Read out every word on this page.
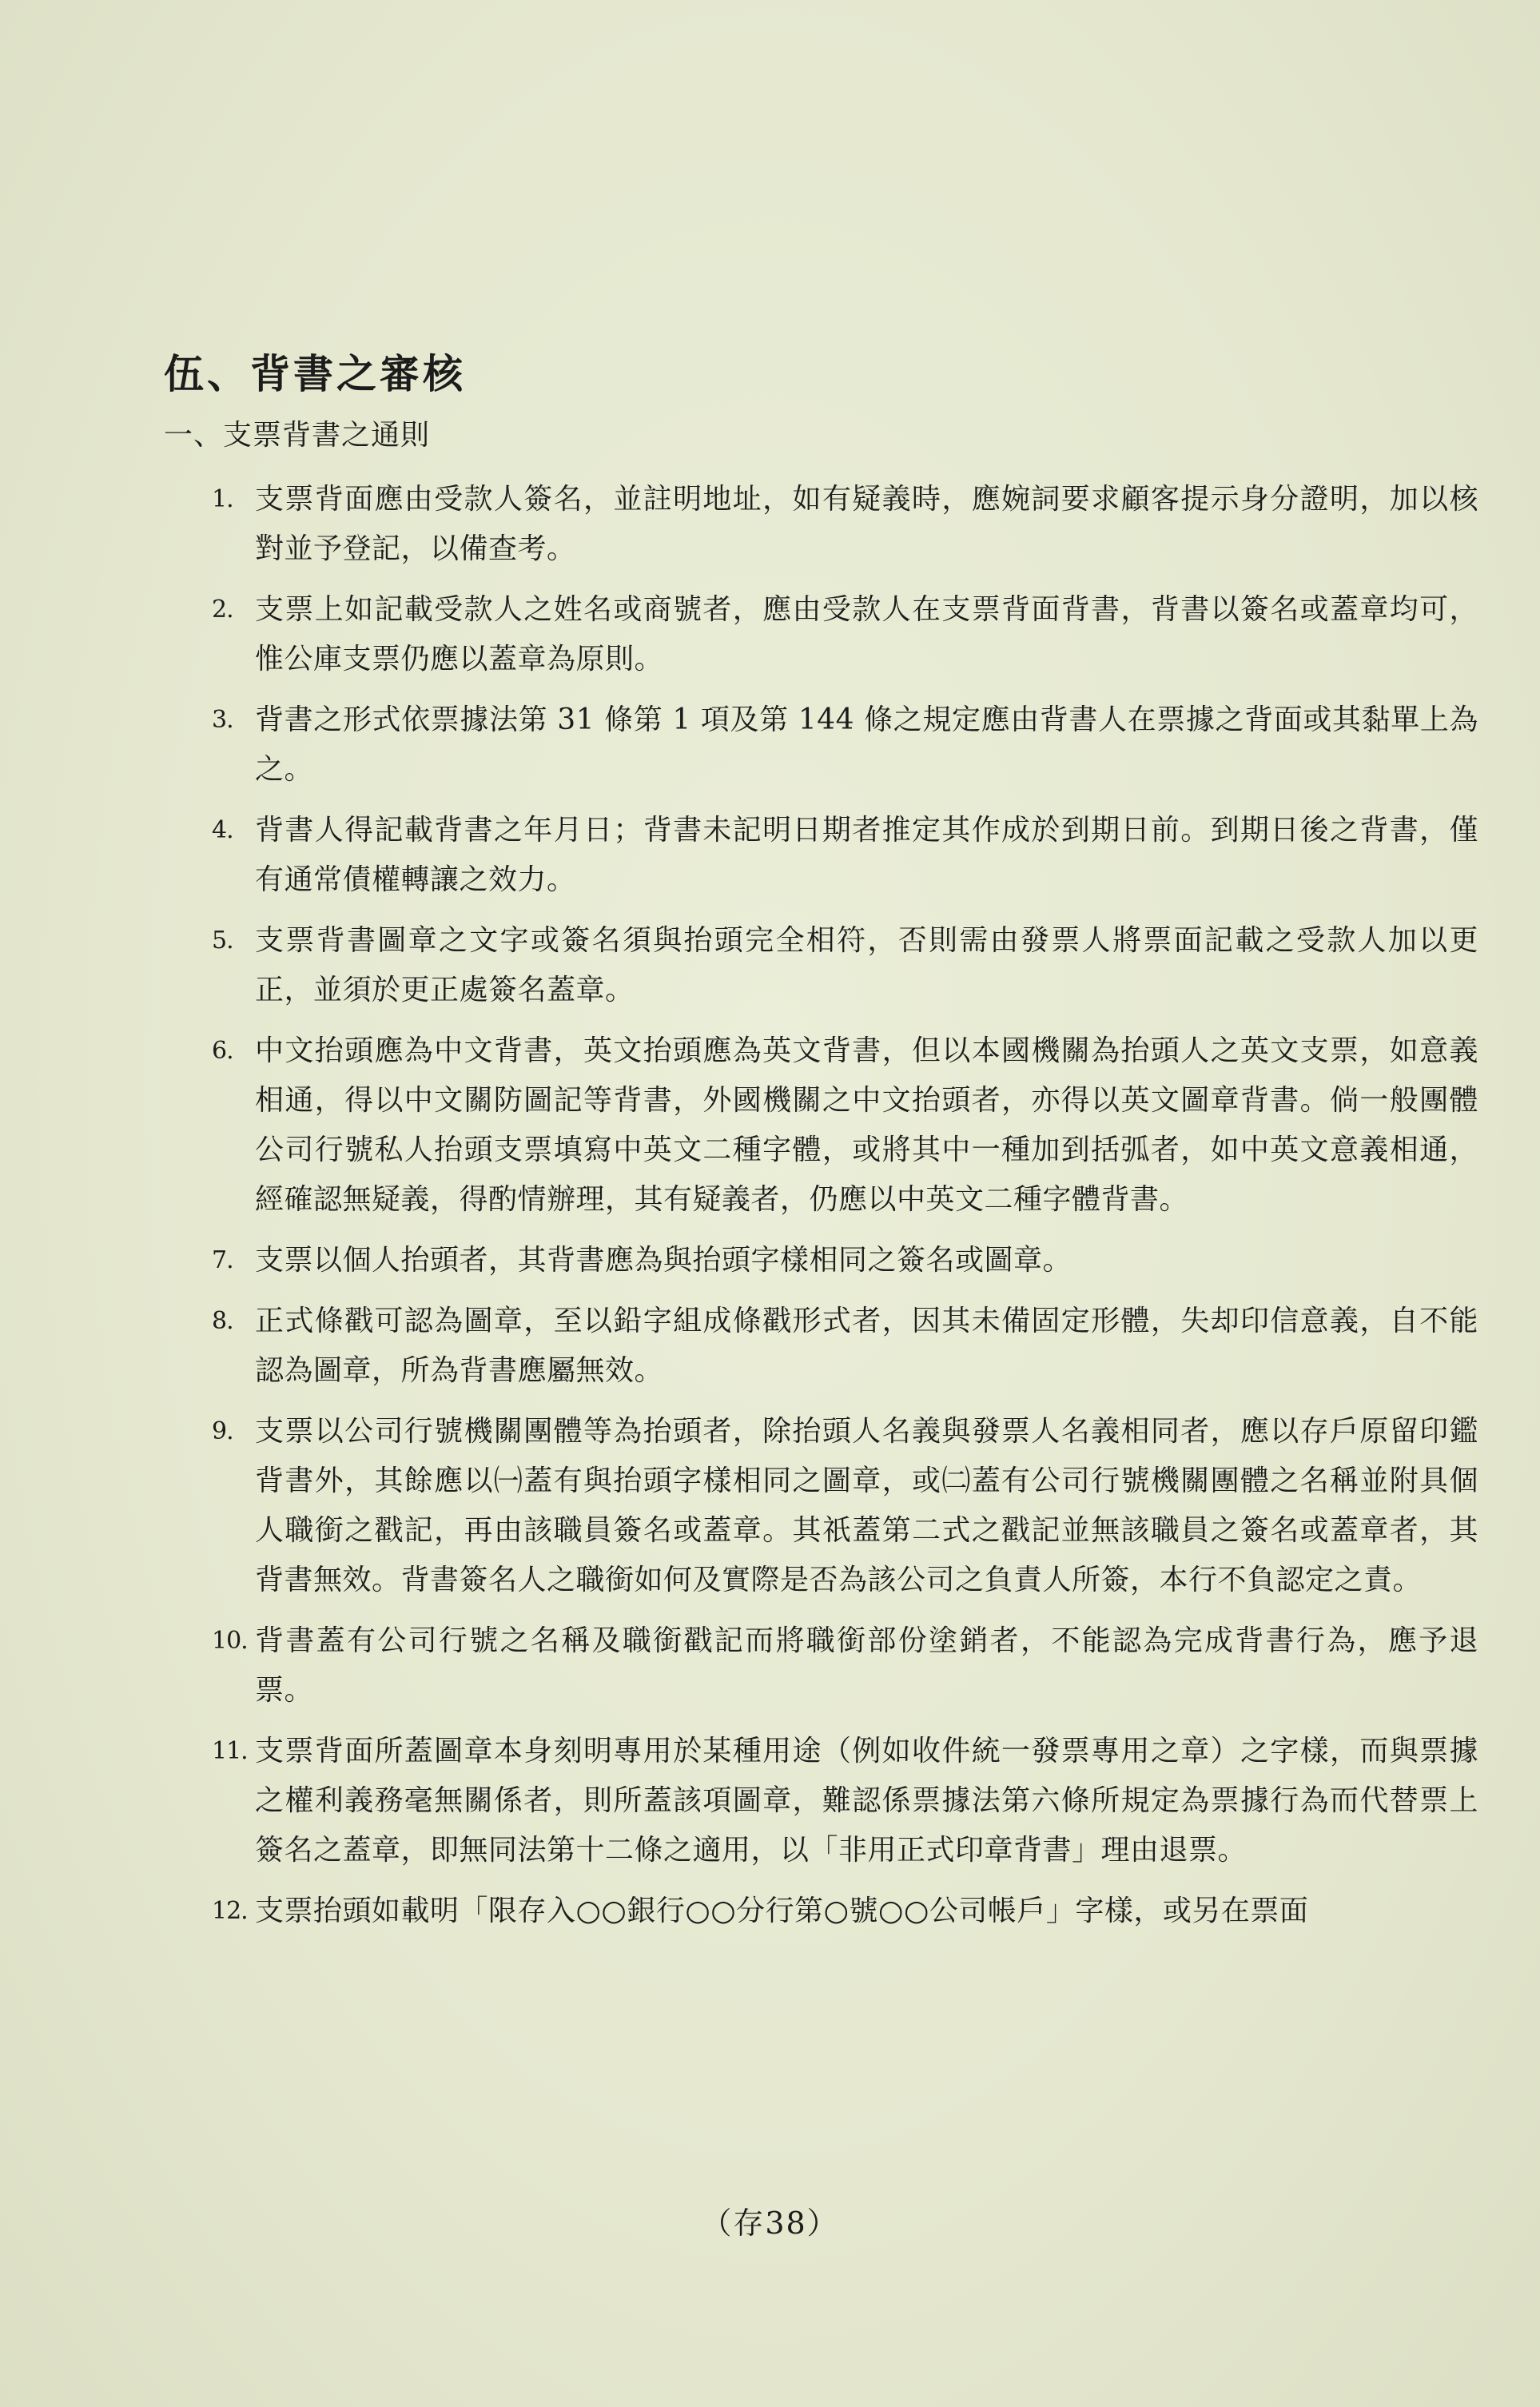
伍、背書之審核
一、支票背書之通則
1. 支票背面應由受款人簽名，並註明地址，如有疑義時，應婉詞要求顧客提示身分證明，加以核對並予登記，以備查考。
2. 支票上如記載受款人之姓名或商號者，應由受款人在支票背面背書，背書以簽名或蓋章均可，惟公庫支票仍應以蓋章為原則。
3. 背書之形式依票據法第 31 條第 1 項及第 144 條之規定應由背書人在票據之背面或其黏單上為之。
4. 背書人得記載背書之年月日；背書未記明日期者推定其作成於到期日前。到期日後之背書，僅有通常債權轉讓之效力。
5. 支票背書圖章之文字或簽名須與抬頭完全相符，否則需由發票人將票面記載之受款人加以更正，並須於更正處簽名蓋章。
6. 中文抬頭應為中文背書，英文抬頭應為英文背書，但以本國機關為抬頭人之英文支票，如意義相通，得以中文關防圖記等背書，外國機關之中文抬頭者，亦得以英文圖章背書。倘一般團體公司行號私人抬頭支票填寫中英文二種字體，或將其中一種加到括弧者，如中英文意義相通，經確認無疑義，得酌情辦理，其有疑義者，仍應以中英文二種字體背書。
7. 支票以個人抬頭者，其背書應為與抬頭字樣相同之簽名或圖章。
8. 正式條戳可認為圖章，至以鉛字組成條戳形式者，因其未備固定形體，失却印信意義，自不能認為圖章，所為背書應屬無效。
9. 支票以公司行號機關團體等為抬頭者，除抬頭人名義與發票人名義相同者，應以存戶原留印鑑背書外，其餘應以㈠蓋有與抬頭字樣相同之圖章，或㈡蓋有公司行號機關團體之名稱並附具個人職銜之戳記，再由該職員簽名或蓋章。其祇蓋第二式之戳記並無該職員之簽名或蓋章者，其背書無效。背書簽名人之職銜如何及實際是否為該公司之負責人所簽，本行不負認定之責。
10. 背書蓋有公司行號之名稱及職銜戳記而將職銜部份塗銷者，不能認為完成背書行為，應予退票。
11. 支票背面所蓋圖章本身刻明專用於某種用途（例如收件統一發票專用之章）之字樣，而與票據之權利義務毫無關係者，則所蓋該項圖章，難認係票據法第六條所規定為票據行為而代替票上簽名之蓋章，即無同法第十二條之適用，以「非用正式印章背書」理由退票。
12. 支票抬頭如載明「限存入○○銀行○○分行第○號○○公司帳戶」字樣，或另在票面
（存38）
